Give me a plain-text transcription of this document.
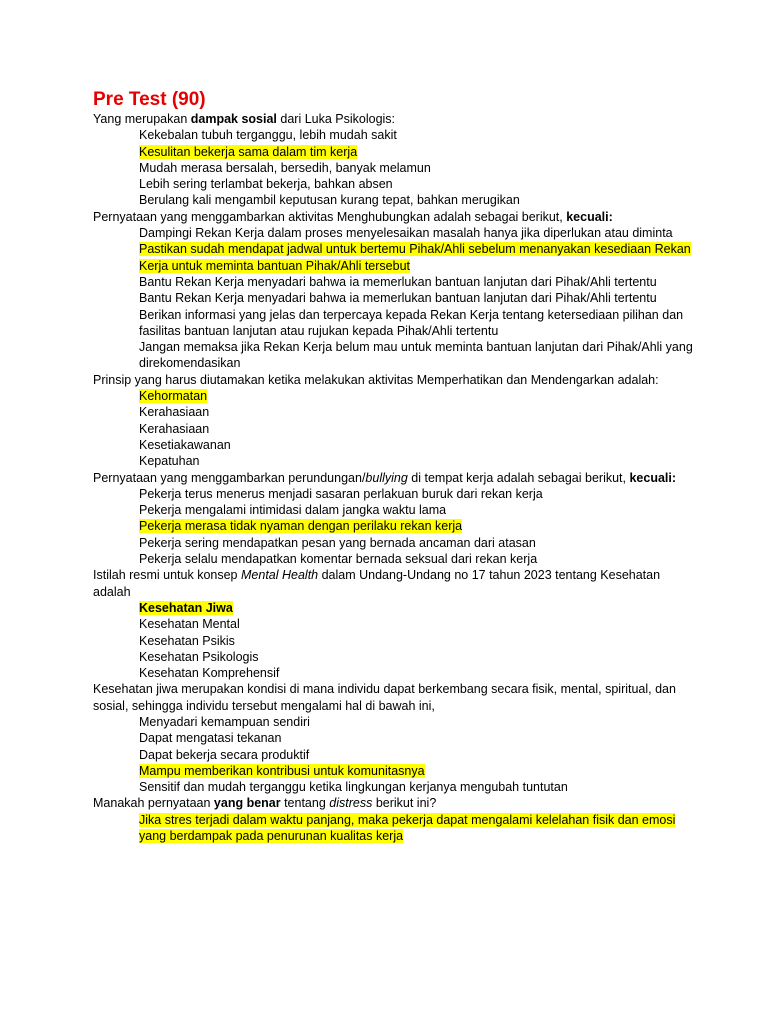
Pre Test (90)

Yang merupakan dampak sosial dari Luka Psikologis:

Kekebalan tubuh terganggu, lebih mudah sakit
Kesulitan bekerja sama dalam tim kerja
Mudah merasa bersalah, bersedih, banyak melamun
Lebih sering terlambat bekerja, bahkan absen
Berulang kali mengambil keputusan kurang tepat, bahkan merugikan

Pernyataan yang menggambarkan aktivitas Menghubungkan adalah sebagai berikut, kecuali:

Dampingi Rekan Kerja dalam proses menyelesaikan masalah hanya jika diperlukan atau diminta
Pastikan sudah mendapat jadwal untuk bertemu Pihak/Ahli sebelum menanyakan kesediaan Rekan Kerja untuk meminta bantuan Pihak/Ahli tersebut
Bantu Rekan Kerja menyadari bahwa ia memerlukan bantuan lanjutan dari Pihak/Ahli tertentu
Bantu Rekan Kerja menyadari bahwa ia memerlukan bantuan lanjutan dari Pihak/Ahli tertentu
Berikan informasi yang jelas dan terpercaya kepada Rekan Kerja tentang ketersediaan pilihan dan fasilitas bantuan lanjutan atau rujukan kepada Pihak/Ahli tertentu
Jangan memaksa jika Rekan Kerja belum mau untuk meminta bantuan lanjutan dari Pihak/Ahli yang direkomendasikan

Prinsip yang harus diutamakan ketika melakukan aktivitas Memperhatikan dan Mendengarkan adalah:

Kehormatan
Kerahasiaan
Kerahasiaan
Kesetiakawanan
Kepatuhan

Pernyataan yang menggambarkan perundungan/bullying di tempat kerja adalah sebagai berikut, kecuali:

Pekerja terus menerus menjadi sasaran perlakuan buruk dari rekan kerja
Pekerja mengalami intimidasi dalam jangka waktu lama
Pekerja merasa tidak nyaman dengan perilaku rekan kerja
Pekerja sering mendapatkan pesan yang bernada ancaman dari atasan
Pekerja selalu mendapatkan komentar bernada seksual dari rekan kerja

Istilah resmi untuk konsep Mental Health dalam Undang-Undang no 17 tahun 2023 tentang Kesehatan adalah

Kesehatan Jiwa
Kesehatan Mental
Kesehatan Psikis
Kesehatan Psikologis
Kesehatan Komprehensif

Kesehatan jiwa merupakan kondisi di mana individu dapat berkembang secara fisik, mental, spiritual, dan sosial, sehingga individu tersebut mengalami hal di bawah ini,

Menyadari kemampuan sendiri
Dapat mengatasi tekanan
Dapat bekerja secara produktif
Mampu memberikan kontribusi untuk komunitasnya
Sensitif dan mudah terganggu ketika lingkungan kerjanya mengubah tuntutan

Manakah pernyataan yang benar tentang distress berikut ini?

Jika stres terjadi dalam waktu panjang, maka pekerja dapat mengalami kelelahan fisik dan emosi yang berdampak pada penurunan kualitas kerja
